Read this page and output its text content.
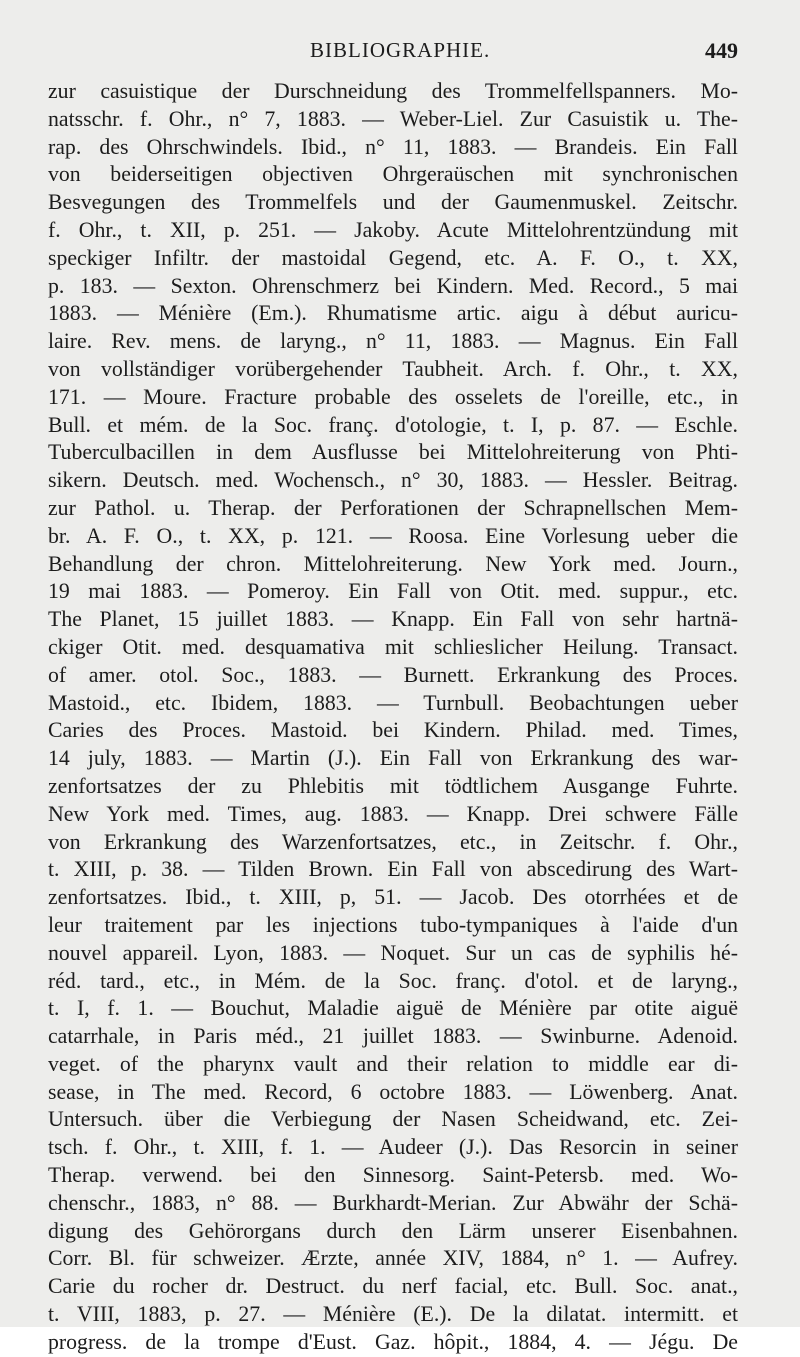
BIBLIOGRAPHIE.	449
zur casuistique der Durschneidung des Trommelfellspanners. Mo-
natsschr. f. Ohr., n° 7, 1883. — Weber-Liel. Zur Casuistik u. The-
rap. des Ohrschwindels. Ibid., n° 11, 1883. — Brandeis. Ein Fall
von beiderseitigen objectiven Ohrgeraüschen mit synchronischen
Besvegungen des Trommelfels und der Gaumenmuskel. Zeitschr.
f. Ohr., t. XII, p. 251. — Jakoby. Acute Mittelohrentzündung mit
speckiger Infiltr. der mastoidal Gegend, etc. A. F. O., t. XX,
p. 183. — Sexton. Ohrenschmerz bei Kindern. Med. Record., 5 mai
1883. — Ménière (Em.). Rhumatisme artic. aigu à début auricu-
laire. Rev. mens. de laryng., n° 11, 1883. — Magnus. Ein Fall
von vollständiger vorübergehender Taubheit. Arch. f. Ohr., t. XX,
171. — Moure. Fracture probable des osselets de l'oreille, etc., in
Bull. et mém. de la Soc. franç. d'otologie, t. I, p. 87. — Eschle.
Tuberculbacillen in dem Ausflusse bei Mittelohreiterung von Phti-
sikern. Deutsch. med. Wochensch., n° 30, 1883. — Hessler. Beitrag.
zur Pathol. u. Therap. der Perforationen der Schrapnellschen Mem-
br. A. F. O., t. XX, p. 121. — Roosa. Eine Vorlesung ueber die
Behandlung der chron. Mittelohreiterung. New York med. Journ.,
19 mai 1883. — Pomeroy. Ein Fall von Otit. med. suppur., etc.
The Planet, 15 juillet 1883. — Knapp. Ein Fall von sehr hartnä-
ckiger Otit. med. desquamativa mit schlieslicher Heilung. Transact.
of amer. otol. Soc., 1883. — Burnett. Erkrankung des Proces.
Mastoid., etc. Ibidem, 1883. — Turnbull. Beobachtungen ueber
Caries des Proces. Mastoid. bei Kindern. Philad. med. Times,
14 july, 1883. — Martin (J.). Ein Fall von Erkrankung des war-
zenfortsatzes der zu Phlebitis mit tödtlichem Ausgange Fuhrte.
New York med. Times, aug. 1883. — Knapp. Drei schwere Fälle
von Erkrankung des Warzenfortsatzes, etc., in Zeitschr. f. Ohr.,
t. XIII, p. 38. — Tilden Brown. Ein Fall von abscedirung des Wart-
zenfortsatzes. Ibid., t. XIII, p, 51. — Jacob. Des otorrhées et de
leur traitement par les injections tubo-tympaniques à l'aide d'un
nouvel appareil. Lyon, 1883. — Noquet. Sur un cas de syphilis hé-
réd. tard., etc., in Mém. de la Soc. franç. d'otol. et de laryng.,
t. I, f. 1. — Bouchut, Maladie aiguë de Ménière par otite aiguë
catarrhale, in Paris méd., 21 juillet 1883. — Swinburne. Adenoid.
veget. of the pharynx vault and their relation to middle ear di-
sease, in The med. Record, 6 octobre 1883. — Löwenberg. Anat.
Untersuch. über die Verbiegung der Nasen Scheidwand, etc. Zei-
tsch. f. Ohr., t. XIII, f. 1. — Audeer (J.). Das Resorcin in seiner
Therap. verwend. bei den Sinnesorg. Saint-Petersb. med. Wo-
chenschr., 1883, n° 88. — Burkhardt-Merian. Zur Abwähr der Schä-
digung des Gehörorgans durch den Lärm unserer Eisenbahnen.
Corr. Bl. für schweizer. Ærzte, année XIV, 1884, n° 1. — Aufrey.
Carie du rocher dr. Destruct. du nerf facial, etc. Bull. Soc. anat.,
t. VIII, 1883, p. 27. — Ménière (E.). De la dilatat. intermitt. et
progress. de la trompe d'Eust. Gaz. hôpit., 1884, 4. — Jégu. De
